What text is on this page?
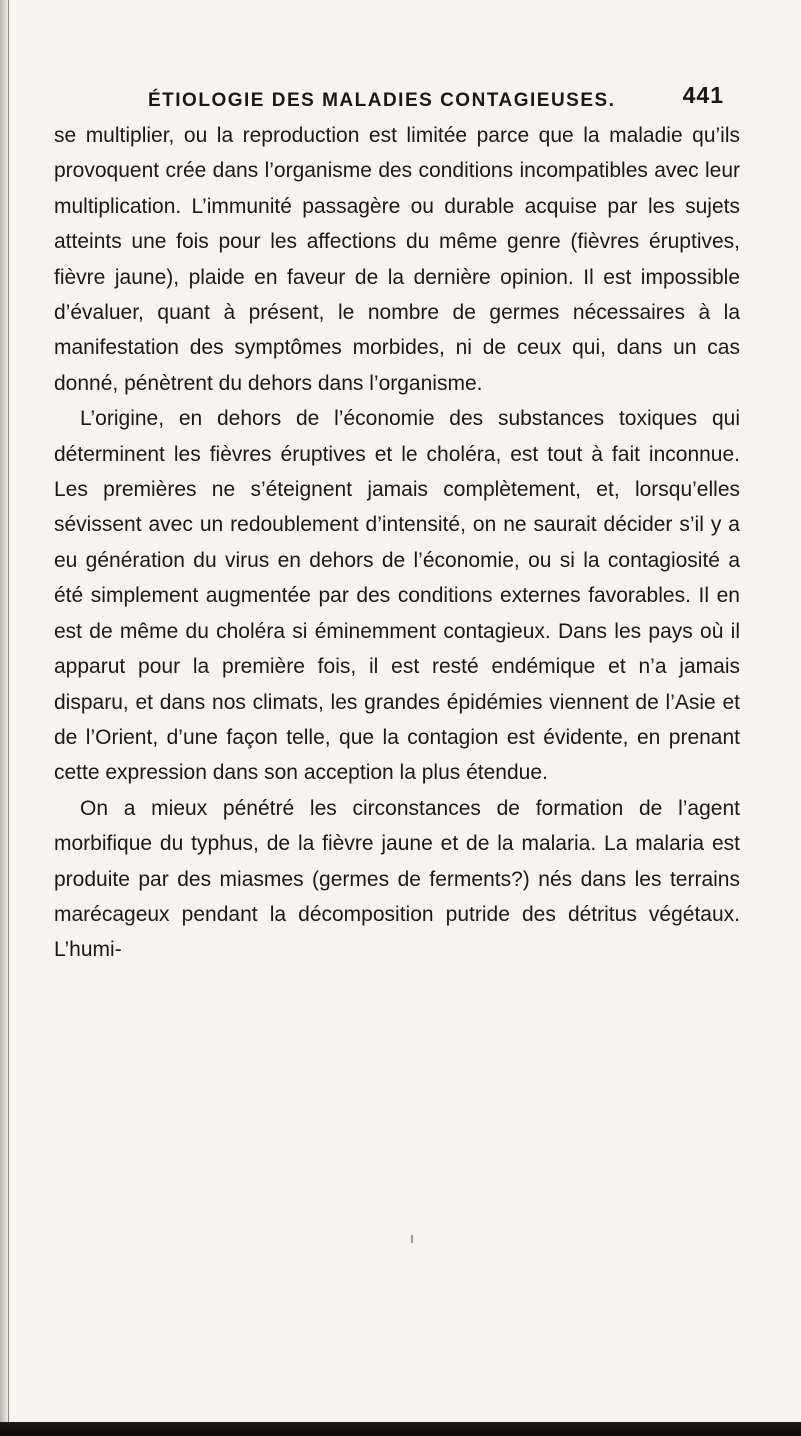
ÉTIOLOGIE DES MALADIES CONTAGIEUSES.	441

se multiplier, ou la reproduction est limitée parce que la maladie qu’ils provoquent crée dans l’organisme des conditions incompatibles avec leur multiplication. L’immunité passagère ou durable acquise par les sujets atteints une fois pour les affections du même genre (fièvres éruptives, fièvre jaune), plaide en faveur de la dernière opinion. Il est impossible d’évaluer, quant à présent, le nombre de germes nécessaires à la manifestation des symptômes morbides, ni de ceux qui, dans un cas donné, pénètrent du dehors dans l’organisme.

L’origine, en dehors de l’économie des substances toxiques qui déterminent les fièvres éruptives et le choléra, est tout à fait inconnue. Les premières ne s’éteignent jamais complètement, et, lorsqu’elles sévissent avec un redoublement d’intensité, on ne saurait décider s’il y a eu génération du virus en dehors de l’économie, ou si la contagiosité a été simplement augmentée par des conditions externes favorables. Il en est de même du choléra si éminemment contagieux. Dans les pays où il apparut pour la première fois, il est resté endémique et n’a jamais disparu, et dans nos climats, les grandes épidémies viennent de l’Asie et de l’Orient, d’une façon telle, que la contagion est évidente, en prenant cette expression dans son acception la plus étendue.

On a mieux pénétré les circonstances de formation de l’agent morbifique du typhus, de la fièvre jaune et de la malaria. La malaria est produite par des miasmes (germes de ferments?) nés dans les terrains marécageux pendant la décomposition putride des détritus végétaux. L’humi-
